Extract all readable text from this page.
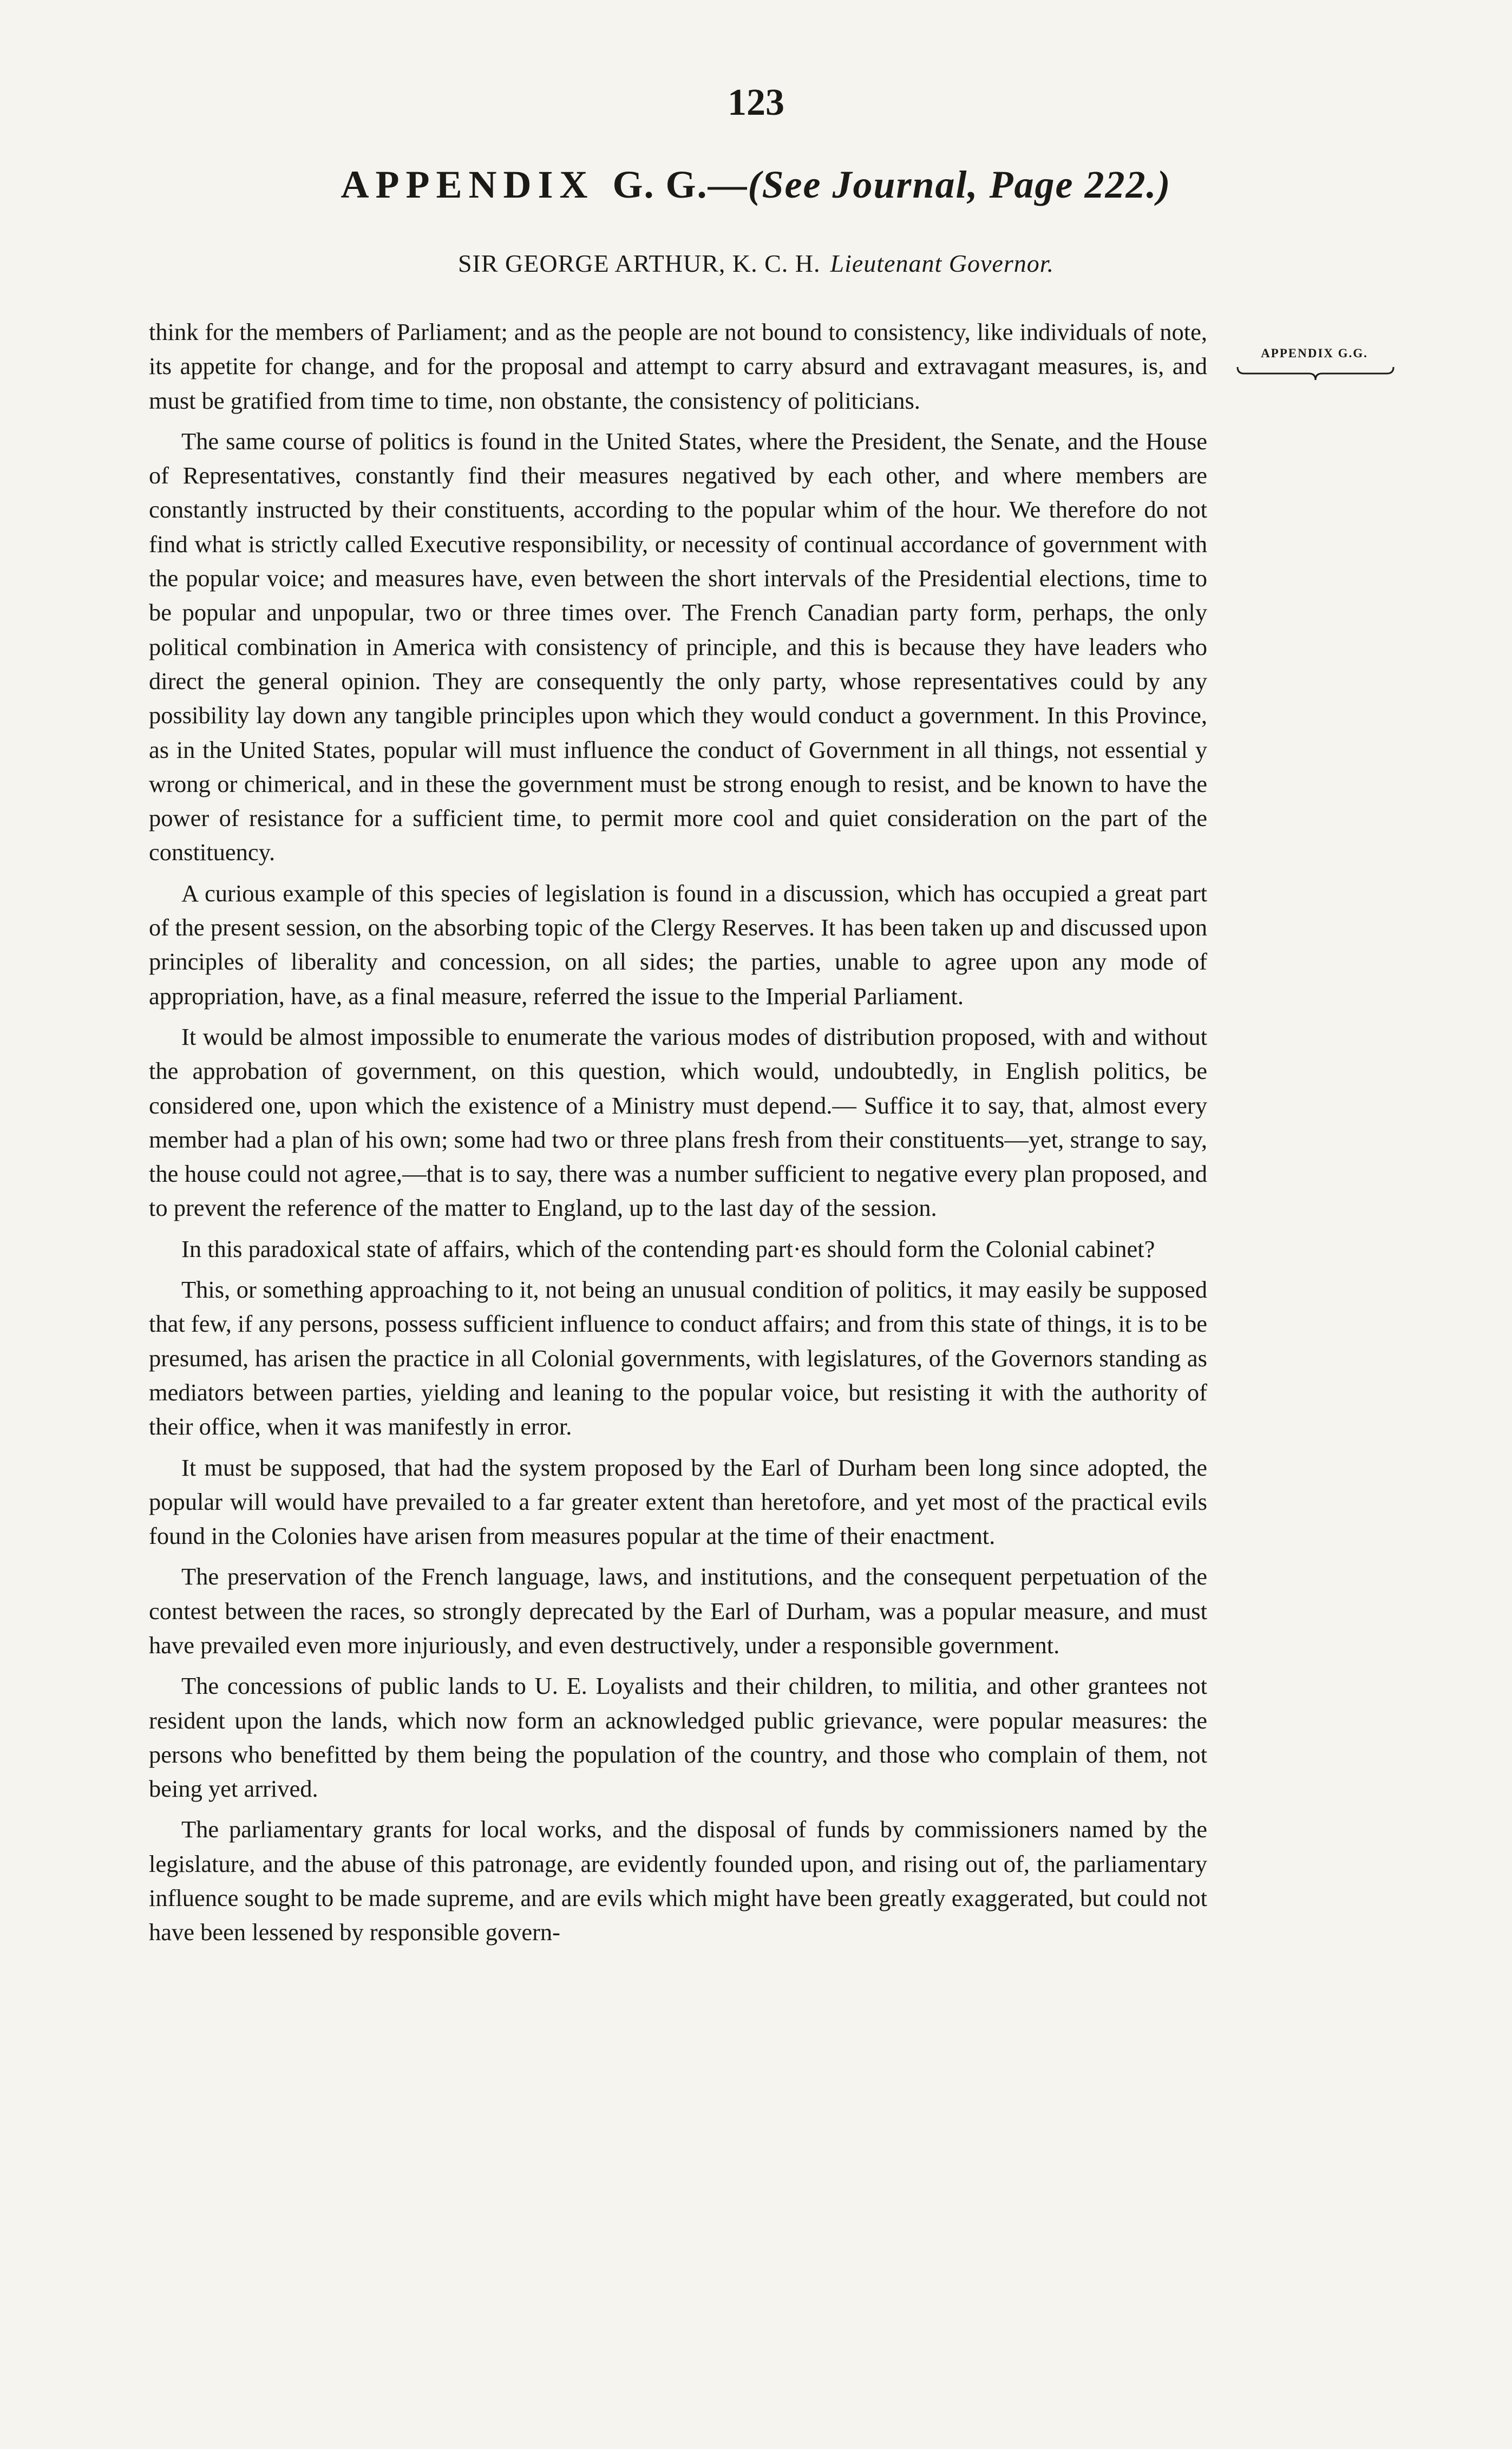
123
APPENDIX G. G.—(See Journal, Page 222.)
SIR GEORGE ARTHUR, K. C. H. Lieutenant Governor.
APPENDIX G.G.

think for the members of Parliament; and as the people are not bound to consistency, like individuals of note, its appetite for change, and for the proposal and attempt to carry absurd and extravagant measures, is, and must be gratified from time to time, non obstante, the consistency of politicians.

The same course of politics is found in the United States, where the President, the Senate, and the House of Representatives, constantly find their measures negatived by each other, and where members are constantly instructed by their constituents, according to the popular whim of the hour. We therefore do not find what is strictly called Executive responsibility, or necessity of continual accordance of government with the popular voice; and measures have, even between the short intervals of the Presidential elections, time to be popular and unpopular, two or three times over. The French Canadian party form, perhaps, the only political combination in America with consistency of principle, and this is because they have leaders who direct the general opinion. They are consequently the only party, whose representatives could by any possibility lay down any tangible principles upon which they would conduct a government. In this Province, as in the United States, popular will must influence the conduct of Government in all things, not essential y wrong or chimerical, and in these the government must be strong enough to resist, and be known to have the power of resistance for a sufficient time, to permit more cool and quiet consideration on the part of the constituency.

A curious example of this species of legislation is found in a discussion, which has occupied a great part of the present session, on the absorbing topic of the Clergy Reserves. It has been taken up and discussed upon principles of liberality and concession, on all sides; the parties, unable to agree upon any mode of appropriation, have, as a final measure, referred the issue to the Imperial Parliament.

It would be almost impossible to enumerate the various modes of distribution proposed, with and without the approbation of government, on this question, which would, undoubtedly, in English politics, be considered one, upon which the existence of a Ministry must depend.— Suffice it to say, that, almost every member had a plan of his own; some had two or three plans fresh from their constituents—yet, strange to say, the house could not agree,—that is to say, there was a number sufficient to negative every plan proposed, and to prevent the reference of the matter to England, up to the last day of the session.

In this paradoxical state of affairs, which of the contending part·es should form the Colonial cabinet?

This, or something approaching to it, not being an unusual condition of politics, it may easily be supposed that few, if any persons, possess sufficient influence to conduct affairs; and from this state of things, it is to be presumed, has arisen the practice in all Colonial governments, with legislatures, of the Governors standing as mediators between parties, yielding and leaning to the popular voice, but resisting it with the authority of their office, when it was manifestly in error.

It must be supposed, that had the system proposed by the Earl of Durham been long since adopted, the popular will would have prevailed to a far greater extent than heretofore, and yet most of the practical evils found in the Colonies have arisen from measures popular at the time of their enactment.

The preservation of the French language, laws, and institutions, and the consequent perpetuation of the contest between the races, so strongly deprecated by the Earl of Durham, was a popular measure, and must have prevailed even more injuriously, and even destructively, under a responsible government.

The concessions of public lands to U. E. Loyalists and their children, to militia, and other grantees not resident upon the lands, which now form an acknowledged public grievance, were popular measures: the persons who benefitted by them being the population of the country, and those who complain of them, not being yet arrived.

The parliamentary grants for local works, and the disposal of funds by commissioners named by the legislature, and the abuse of this patronage, are evidently founded upon, and rising out of, the parliamentary influence sought to be made supreme, and are evils which might have been greatly exaggerated, but could not have been lessened by responsible govern-
